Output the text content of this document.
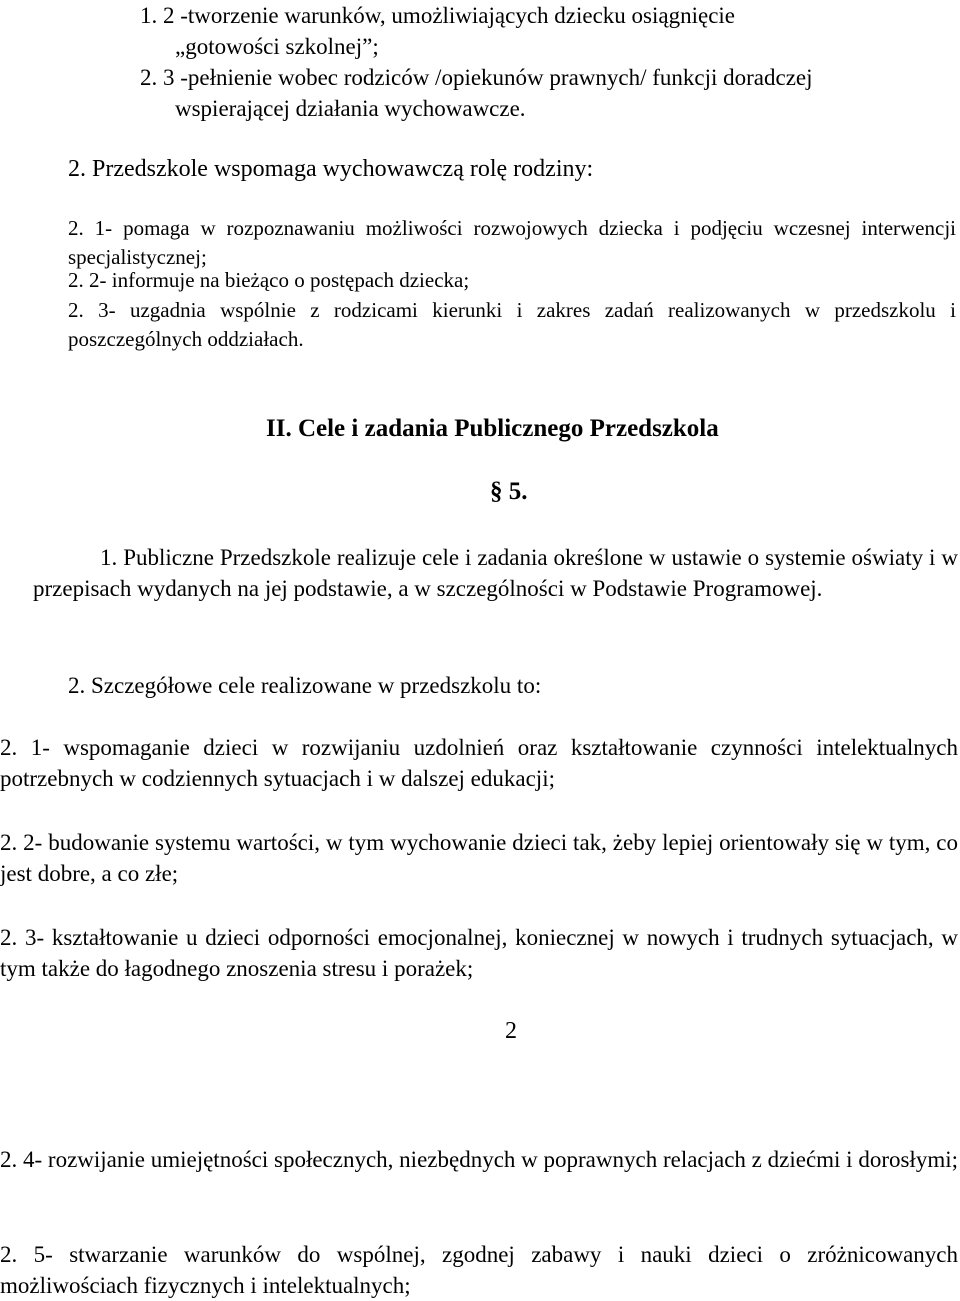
1. 2 -tworzenie warunków, umożliwiających dziecku osiągnięcie
„gotowości szkolnej”;
2. 3 -pełnienie wobec rodziców /opiekunów prawnych/ funkcji doradczej
wspierającej działania wychowawcze.
2. Przedszkole wspomaga wychowawczą rolę rodziny:
2. 1- pomaga w rozpoznawaniu możliwości rozwojowych dziecka i podjęciu wczesnej interwencji specjalistycznej;
2. 2- informuje na bieżąco o postępach dziecka;
2. 3- uzgadnia wspólnie z rodzicami kierunki i zakres zadań realizowanych w przedszkolu i poszczególnych oddziałach.
II. Cele i zadania Publicznego Przedszkola
§ 5.
1. Publiczne Przedszkole realizuje cele i zadania określone w ustawie o systemie oświaty i w przepisach wydanych na jej podstawie, a w szczególności w Podstawie Programowej.
2. Szczegółowe cele realizowane w przedszkolu to:
2. 1- wspomaganie dzieci w rozwijaniu uzdolnień oraz kształtowanie czynności intelektualnych potrzebnych w codziennych sytuacjach i w dalszej edukacji;
2. 2- budowanie systemu wartości, w tym wychowanie dzieci tak, żeby lepiej orientowały się w tym, co jest dobre, a co złe;
2. 3- kształtowanie u dzieci odporności emocjonalnej, koniecznej w nowych i trudnych sytuacjach, w tym także do łagodnego znoszenia stresu i porażek;
2
2. 4- rozwijanie umiejętności społecznych, niezbędnych w poprawnych relacjach z dziećmi i dorosłymi;
2. 5- stwarzanie warunków do wspólnej, zgodnej zabawy i nauki dzieci o zróżnicowanych możliwościach fizycznych i intelektualnych;
